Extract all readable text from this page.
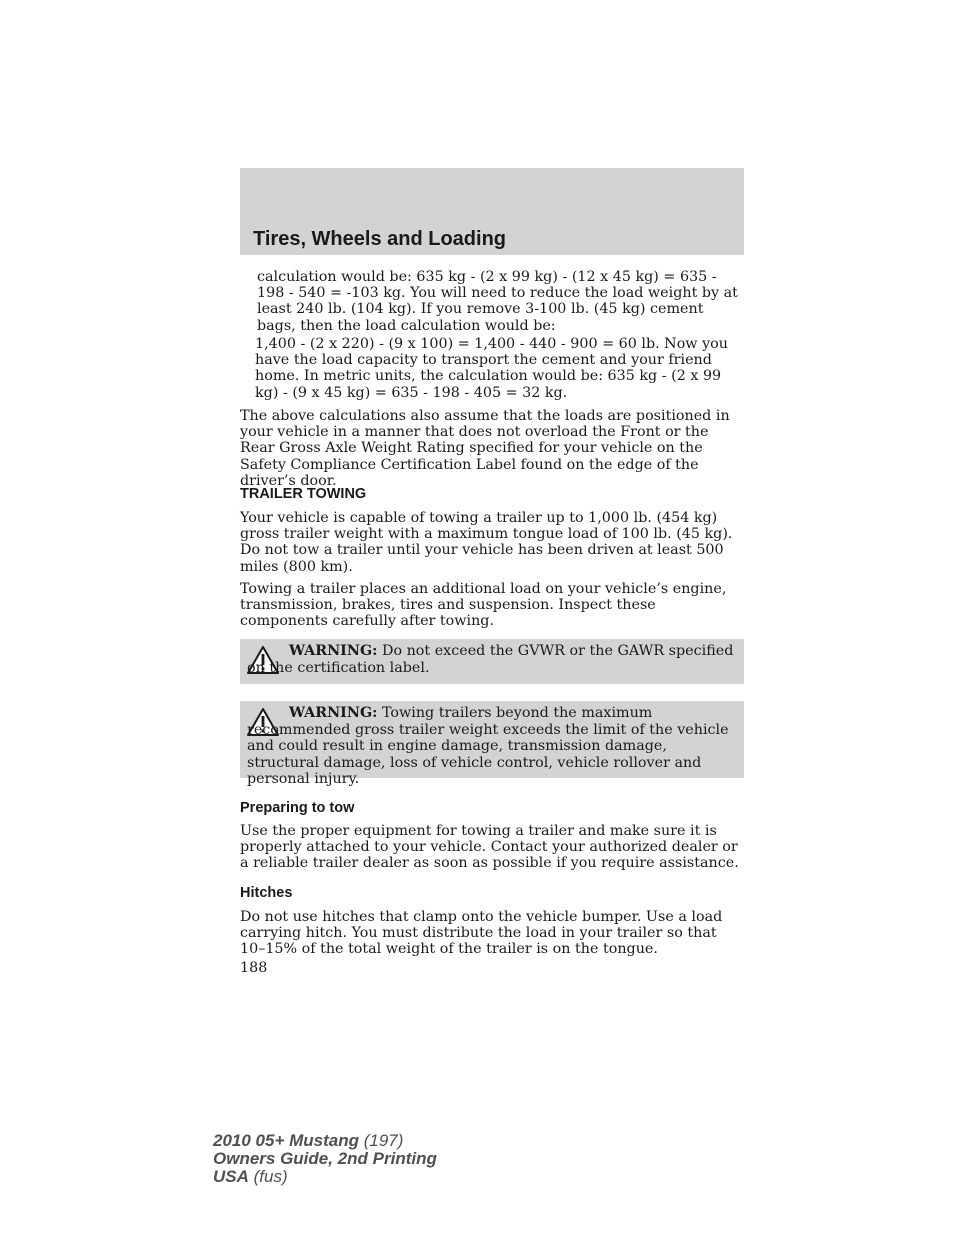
Tires, Wheels and Loading
calculation would be: 635 kg - (2 x 99 kg) - (12 x 45 kg) = 635 - 198 - 540 = -103 kg. You will need to reduce the load weight by at least 240 lb. (104 kg). If you remove 3-100 lb. (45 kg) cement bags, then the load calculation would be:
1,400 - (2 x 220) - (9 x 100) = 1,400 - 440 - 900 = 60 lb. Now you have the load capacity to transport the cement and your friend home. In metric units, the calculation would be: 635 kg - (2 x 99 kg) - (9 x 45 kg) = 635 - 198 - 405 = 32 kg.
The above calculations also assume that the loads are positioned in your vehicle in a manner that does not overload the Front or the Rear Gross Axle Weight Rating specified for your vehicle on the Safety Compliance Certification Label found on the edge of the driver’s door.
TRAILER TOWING
Your vehicle is capable of towing a trailer up to 1,000 lb. (454 kg) gross trailer weight with a maximum tongue load of 100 lb. (45 kg). Do not tow a trailer until your vehicle has been driven at least 500 miles (800 km).
Towing a trailer places an additional load on your vehicle’s engine, transmission, brakes, tires and suspension. Inspect these components carefully after towing.
WARNING: Do not exceed the GVWR or the GAWR specified on the certification label.
WARNING: Towing trailers beyond the maximum recommended gross trailer weight exceeds the limit of the vehicle and could result in engine damage, transmission damage, structural damage, loss of vehicle control, vehicle rollover and personal injury.
Preparing to tow
Use the proper equipment for towing a trailer and make sure it is properly attached to your vehicle. Contact your authorized dealer or a reliable trailer dealer as soon as possible if you require assistance.
Hitches
Do not use hitches that clamp onto the vehicle bumper. Use a load carrying hitch. You must distribute the load in your trailer so that 10–15% of the total weight of the trailer is on the tongue.
188
2010 05+ Mustang (197)
Owners Guide, 2nd Printing
USA (fus)
